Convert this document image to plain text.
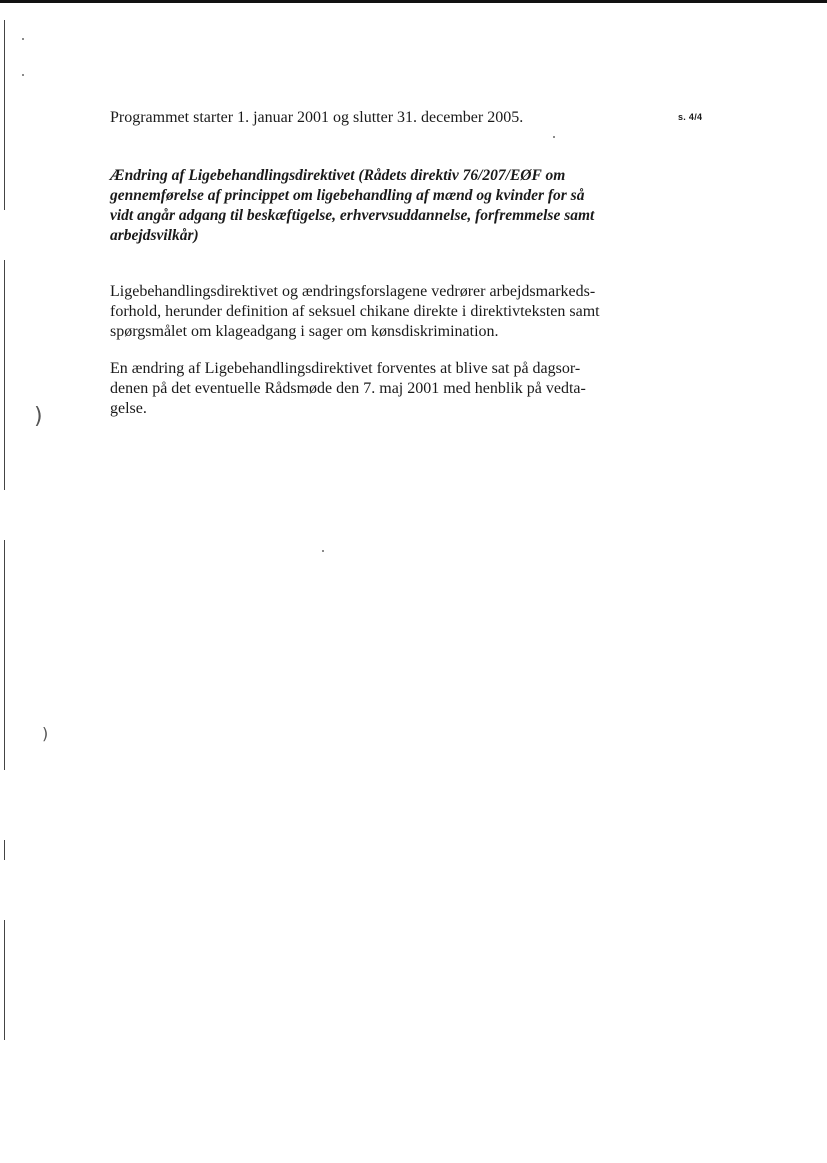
)
)
s. 4/4
Programmet starter 1. januar 2001 og slutter 31. december 2005.
Ændring af Ligebehandlingsdirektivet (Rådets direktiv 76/207/EØF om
gennemførelse af princippet om ligebehandling af mænd og kvinder for så
vidt angår adgang til beskæftigelse, erhvervsuddannelse, forfremmelse samt
arbejdsvilkår)

Ligebehandlingsdirektivet og ændringsforslagene vedrører arbejdsmarkeds-
forhold, herunder definition af seksuel chikane direkte i direktivteksten samt
spørgsmålet om klageadgang i sager om kønsdiskrimination.

En ændring af Ligebehandlingsdirektivet forventes at blive sat på dagsor-
denen på det eventuelle Rådsmøde den 7. maj 2001 med henblik på vedta-
gelse.
